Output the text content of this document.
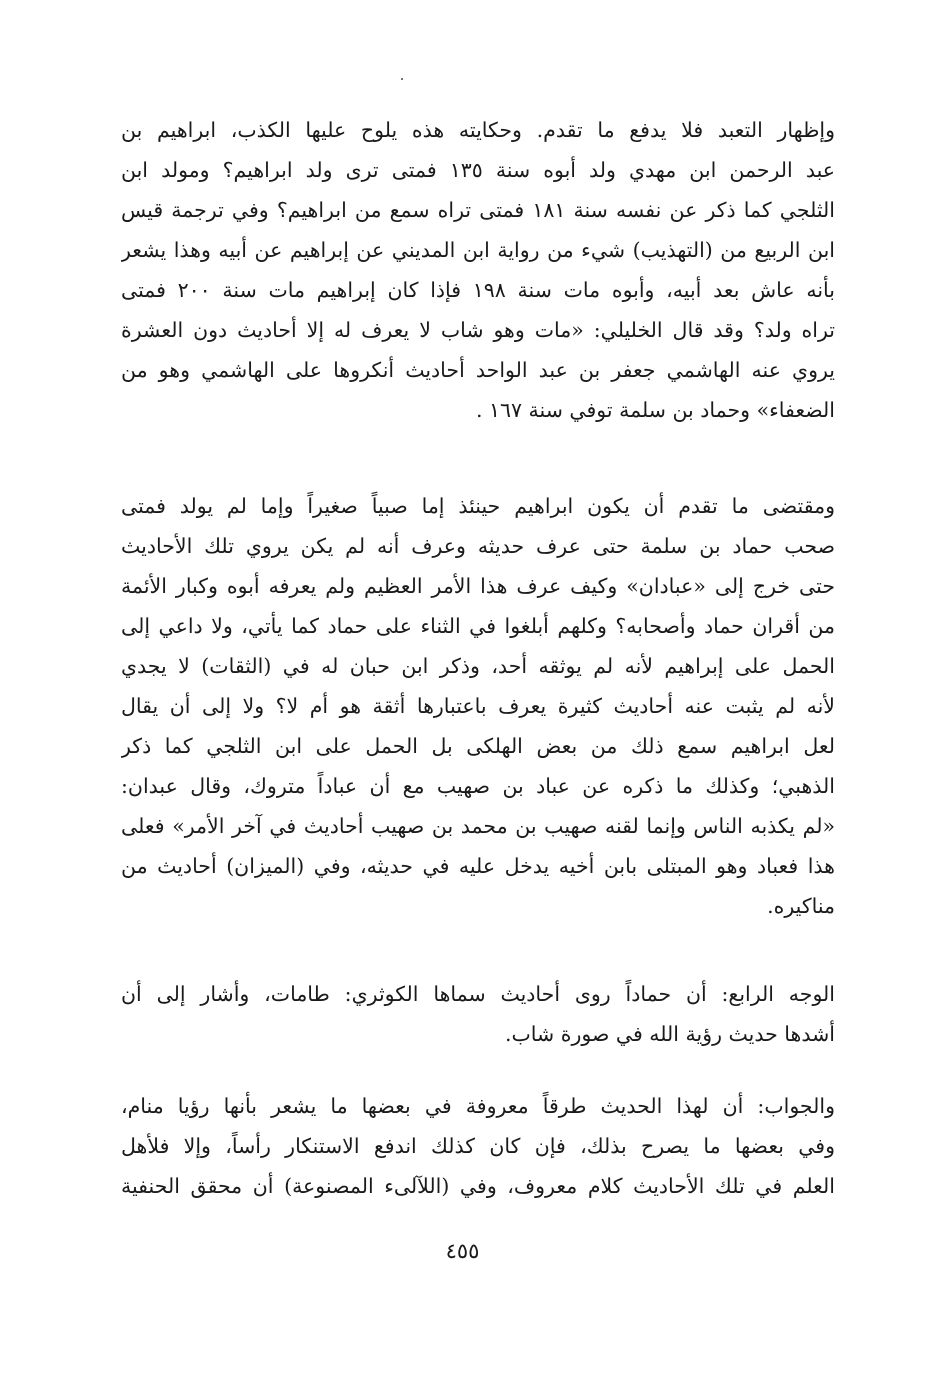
وإظهار التعبد فلا يدفع ما تقدم. وحكايته هذه يلوح عليها الكذب، ابراهيم بن
عبد الرحمن ابن مهدي ولد أبوه سنة ١٣٥ فمتى ترى ولد ابراهيم؟ ومولد ابن
الثلجي كما ذكر عن نفسه سنة ١٨١ فمتى تراه سمع من ابراهيم؟ وفي ترجمة قيس
ابن الربيع من (التهذيب) شيء من رواية ابن المديني عن إبراهيم عن أبيه وهذا يشعر
بأنه عاش بعد أبيه، وأبوه مات سنة ١٩٨ فإذا كان إبراهيم مات سنة ٢٠٠ فمتى
تراه ولد؟ وقد قال الخليلي: «مات وهو شاب لا يعرف له إلا أحاديث دون العشرة
يروي عنه الهاشمي جعفر بن عبد الواحد أحاديث أنكروها على الهاشمي وهو من
الضعفاء» وحماد بن سلمة توفي سنة ١٦٧ .
ومقتضى ما تقدم أن يكون ابراهيم حينئذ إما صبياً صغيراً وإما لم يولد فمتى
صحب حماد بن سلمة حتى عرف حديثه وعرف أنه لم يكن يروي تلك الأحاديث
حتى خرج إلى «عبادان» وكيف عرف هذا الأمر العظيم ولم يعرفه أبوه وكبار الأئمة
من أقران حماد وأصحابه؟ وكلهم أبلغوا في الثناء على حماد كما يأتي، ولا داعي إلى
الحمل على إبراهيم لأنه لم يوثقه أحد، وذكر ابن حبان له في (الثقات) لا يجدي
لأنه لم يثبت عنه أحاديث كثيرة يعرف باعتبارها أثقة هو أم لا؟ ولا إلى أن يقال
لعل ابراهيم سمع ذلك من بعض الهلكى بل الحمل على ابن الثلجي كما ذكر
الذهبي؛ وكذلك ما ذكره عن عباد بن صهيب مع أن عباداً متروك، وقال عبدان:
«لم يكذبه الناس وإنما لقنه صهيب بن محمد بن صهيب أحاديث في آخر الأمر» فعلى
هذا فعباد وهو المبتلى بابن أخيه يدخل عليه في حديثه، وفي (الميزان) أحاديث من
مناكيره.
الوجه الرابع: أن حماداً روى أحاديث سماها الكوثري: طامات، وأشار إلى أن
أشدها حديث رؤية الله في صورة شاب.
والجواب: أن لهذا الحديث طرقاً معروفة في بعضها ما يشعر بأنها رؤيا منام،
وفي بعضها ما يصرح بذلك، فإن كان كذلك اندفع الاستنكار رأساً، وإلا فلأهل
العلم في تلك الأحاديث كلام معروف، وفي (اللآلىء المصنوعة) أن محقق الحنفية
٤٥٥
